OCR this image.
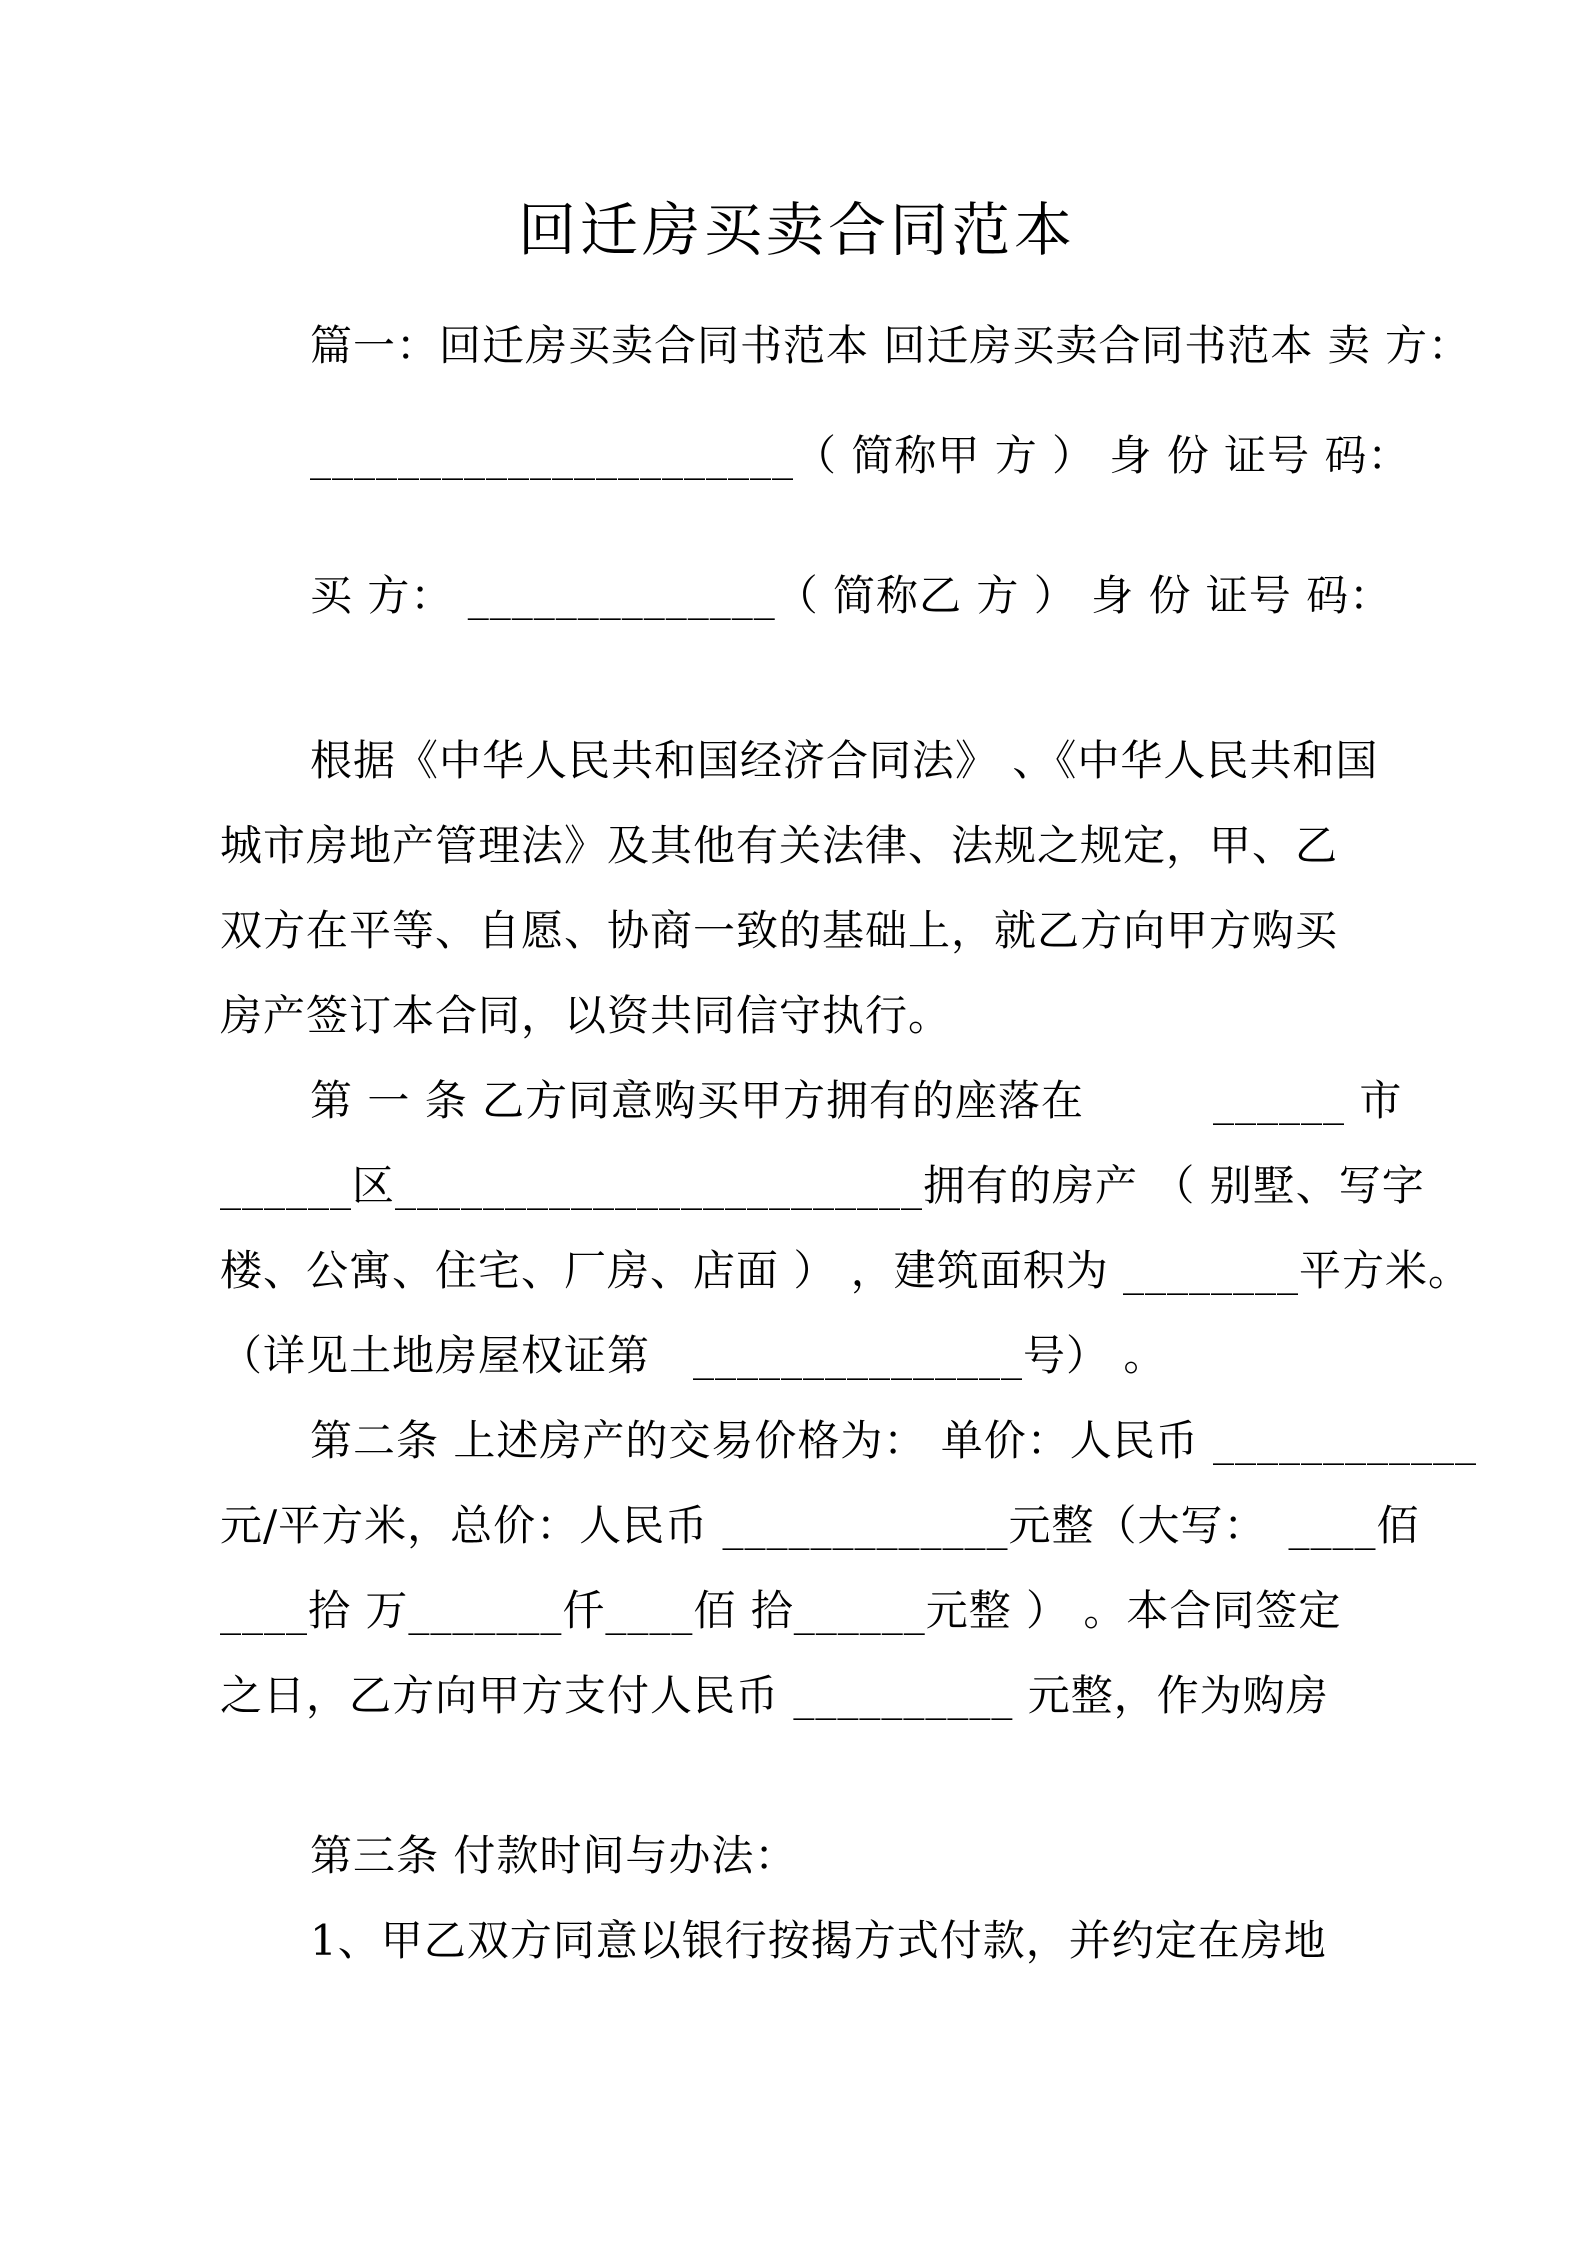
回迁房买卖合同范本
篇一：回迁房买卖合同书范本 回迁房买卖合同书范本 卖 方：
______________________（ 简称甲 方 ） 身 份 证号 码：
买 方： ______________（ 简称乙 方 ） 身 份 证号 码：
根据《中华人民共和国经济合同法》 、《中华人民共和国
城市房地产管理法》及其他有关法律、法规之规定，甲、乙
双方在平等、自愿、协商一致的基础上，就乙方向甲方购买
房产签订本合同，以资共同信守执行。
第 一 条 乙方同意购买甲方拥有的座落在　　　______ 市
______区________________________拥有的房产 （ 别墅、写字
楼、公寓、住宅、厂房、店面 ） ，建筑面积为 ________平方米。
（详见土地房屋权证第　_______________号） 。
第二条 上述房产的交易价格为： 单价：人民币 ____________
元/平方米，总价：人民币 _____________元整（大写：　____佰
____拾 万_______仟____佰 拾______元整 ） 。本合同签定
之日，乙方向甲方支付人民币 __________ 元整，作为购房
第三条 付款时间与办法：
1、甲乙双方同意以银行按揭方式付款，并约定在房地
